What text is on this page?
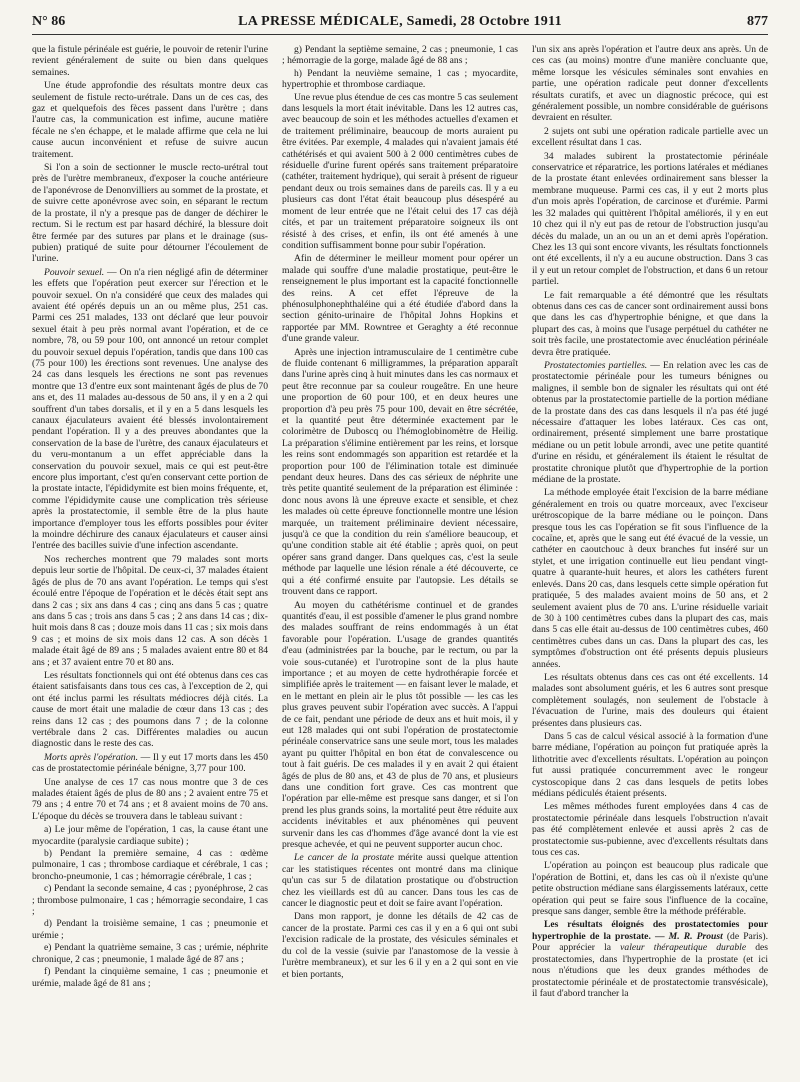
N° 86	LA PRESSE MÉDICALE, Samedi, 28 Octobre 1911	877

que la fistule périnéale est guérie, le pouvoir de retenir l'urine revient généralement de suite ou bien dans quelques semaines.

Une étude approfondie des résultats montre deux cas seulement de fistule recto-urétrale. Dans un de ces cas, des gaz et quelquefois des fèces passent dans l'urètre ; dans l'autre cas, la communication est infime, aucune matière fécale ne s'en échappe, et le malade affirme que cela ne lui cause aucun inconvénient et refuse de suivre aucun traitement.

Si l'on a soin de sectionner le muscle recto-urétral tout près de l'urètre membraneux, d'exposer la couche antérieure de l'aponévrose de Denonvilliers au sommet de la prostate, et de suivre cette aponévrose avec soin, en séparant le rectum de la prostate, il n'y a presque pas de danger de déchirer le rectum. Si le rectum est par hasard déchiré, la blessure doit être fermée par des sutures par plans et le drainage (sus-pubien) pratiqué de suite pour détourner l'écoulement de l'urine.

Pouvoir sexuel. — On n'a rien négligé afin de déterminer les effets que l'opération peut exercer sur l'érection et le pouvoir sexuel. On n'a considéré que ceux des malades qui avaient été opérés depuis un an ou même plus, 251 cas. Parmi ces 251 malades, 133 ont déclaré que leur pouvoir sexuel était à peu près normal avant l'opération, et de ce nombre, 78, ou 59 pour 100, ont annoncé un retour complet du pouvoir sexuel depuis l'opération, tandis que dans 100 cas (75 pour 100) les érections sont revenues. Une analyse des 24 cas dans lesquels les érections ne sont pas revenues montre que 13 d'entre eux sont maintenant âgés de plus de 70 ans et, des 11 malades au-dessous de 50 ans, il y en a 2 qui souffrent d'un tabes dorsalis, et il y en a 5 dans lesquels les canaux éjaculateurs avaient été blessés involontairement pendant l'opération. Il y a des preuves abondantes que la conservation de la base de l'urètre, des canaux éjaculateurs et du veru-montanum a un effet appréciable dans la conservation du pouvoir sexuel, mais ce qui est peut-être encore plus important, c'est qu'en conservant cette portion de la prostate intacte, l'épididymite est bien moins fréquente, et, comme l'épididymite cause une complication très sérieuse après la prostatectomie, il semble être de la plus haute importance d'employer tous les efforts possibles pour éviter la moindre déchirure des canaux éjaculateurs et causer ainsi l'entrée des bacilles suivie d'une infection ascendante.

Nos recherches montrent que 79 malades sont morts depuis leur sortie de l'hôpital. De ceux-ci, 37 malades étaient âgés de plus de 70 ans avant l'opération. Le temps qui s'est écoulé entre l'époque de l'opération et le décès était sept ans dans 2 cas ; six ans dans 4 cas ; cinq ans dans 5 cas ; quatre ans dans 5 cas ; trois ans dans 5 cas ; 2 ans dans 14 cas ; dix-huit mois dans 8 cas ; douze mois dans 11 cas ; six mois dans 9 cas ; et moins de six mois dans 12 cas. A son décès 1 malade était âgé de 89 ans ; 5 malades avaient entre 80 et 84 ans ; et 37 avaient entre 70 et 80 ans.

Les résultats fonctionnels qui ont été obtenus dans ces cas étaient satisfaisants dans tous ces cas, à l'exception de 2, qui ont été inclus parmi les résultats médiocres déjà cités. La cause de mort était une maladie de cœur dans 13 cas ; des reins dans 12 cas ; des poumons dans 7 ; de la colonne vertébrale dans 2 cas. Différentes maladies ou aucun diagnostic dans le reste des cas.

Morts après l'opération. — Il y eut 17 morts dans les 450 cas de prostatectomie périnéale bénigne, 3,77 pour 100.

Une analyse de ces 17 cas nous montre que 3 de ces malades étaient âgés de plus de 80 ans ; 2 avaient entre 75 et 79 ans ; 4 entre 70 et 74 ans ; et 8 avaient moins de 70 ans. L'époque du décès se trouvera dans le tableau suivant :

a) Le jour même de l'opération, 1 cas, la cause étant une myocardite (paralysie cardiaque subite) ;
b) Pendant la première semaine, 4 cas : œdème pulmonaire, 1 cas ; thrombose cardiaque et cérébrale, 1 cas ; broncho-pneumonie, 1 cas ; hémorragie cérébrale, 1 cas ;
c) Pendant la seconde semaine, 4 cas ; pyonéphrose, 2 cas ; thrombose pulmonaire, 1 cas ; hémorragie secondaire, 1 cas ;
d) Pendant la troisième semaine, 1 cas ; pneumonie et urémie ;
e) Pendant la quatrième semaine, 3 cas ; urémie, néphrite chronique, 2 cas ; pneumonie, 1 malade âgé de 87 ans ;
f) Pendant la cinquième semaine, 1 cas ; pneumonie et urémie, malade âgé de 81 ans ;
g) Pendant la septième semaine, 2 cas ; pneumonie, 1 cas ; hémorragie de la gorge, malade âgé de 88 ans ;
h) Pendant la neuvième semaine, 1 cas ; myocardite, hypertrophie et thrombose cardiaque.

Une revue plus étendue de ces cas montre 5 cas seulement dans lesquels la mort était inévitable. Dans les 12 autres cas, avec beaucoup de soin et les méthodes actuelles d'examen et de traitement préliminaire, beaucoup de morts auraient pu être évitées. Par exemple, 4 malades qui n'avaient jamais été cathétérisés et qui avaient 500 à 2 000 centimètres cubes de résiduelle d'urine furent opérés sans traitement préparatoire (cathéter, traitement hydrique), qui serait à présent de rigueur pendant deux ou trois semaines dans de pareils cas. Il y a eu plusieurs cas dont l'état était beaucoup plus désespéré au moment de leur entrée que ne l'était celui des 17 cas déjà cités, et par un traitement préparatoire soigneux ils ont résisté à des crises, et enfin, ils ont été amenés à une condition suffisamment bonne pour subir l'opération.

Afin de déterminer le meilleur moment pour opérer un malade qui souffre d'une maladie prostatique, peut-être le renseignement le plus important est la capacité fonctionnelle des reins. A cet effet l'épreuve de la phénosulphonephthaléine qui a été étudiée d'abord dans la section génito-urinaire de l'hôpital Johns Hopkins et rapportée par MM. Rowntree et Geraghty a été reconnue d'une grande valeur.

Après une injection intramusculaire de 1 centimètre cube de fluide contenant 6 milligrammes, la préparation apparaît dans l'urine après cinq à huit minutes dans les cas normaux et peut être reconnue par sa couleur rougeâtre. En une heure une proportion de 60 pour 100, et en deux heures une proportion d'à peu près 75 pour 100, devait en être sécrétée, et la quantité peut être déterminée exactement par le colorimètre de Duboscq ou l'hémoglobinomètre de Heilig. La préparation s'élimine entièrement par les reins, et lorsque les reins sont endommagés son apparition est retardée et la proportion pour 100 de l'élimination totale est diminuée pendant deux heures. Dans des cas sérieux de néphrite une très petite quantité seulement de la préparation est éliminée : donc nous avons là une épreuve exacte et sensible, et chez les malades où cette épreuve fonctionnelle montre une lésion marquée, un traitement préliminaire devient nécessaire, jusqu'à ce que la condition du rein s'améliore beaucoup, et qu'une condition stable ait été établie ; après quoi, on peut opérer sans grand danger. Dans quelques cas, c'est la seule méthode par laquelle une lésion rénale a été découverte, ce qui a été confirmé ensuite par l'autopsie. Les détails se trouvent dans ce rapport.

Au moyen du cathétérisme continuel et de grandes quantités d'eau, il est possible d'amener le plus grand nombre des malades souffrant de reins endommagés à un état favorable pour l'opération. L'usage de grandes quantités d'eau (administrées par la bouche, par le rectum, ou par la voie sous-cutanée) et l'urotropine sont de la plus haute importance ; et au moyen de cette hydrothérapie forcée et simplifiée après le traitement — en faisant lever le malade, et en le mettant en plein air le plus tôt possible — les cas les plus graves peuvent subir l'opération avec succès. A l'appui de ce fait, pendant une période de deux ans et huit mois, il y eut 128 malades qui ont subi l'opération de prostatectomie périnéale conservatrice sans une seule mort, tous les malades ayant pu quitter l'hôpital en bon état de convalescence ou tout à fait guéris. De ces malades il y en avait 2 qui étaient âgés de plus de 80 ans, et 43 de plus de 70 ans, et plusieurs dans une condition fort grave. Ces cas montrent que l'opération par elle-même est presque sans danger, et si l'on prend les plus grands soins, la mortalité peut être réduite aux accidents inévitables et aux phénomènes qui peuvent survenir dans les cas d'hommes d'âge avancé dont la vie est presque achevée, et qui ne peuvent supporter aucun choc.

Le cancer de la prostate mérite aussi quelque attention car les statistiques récentes ont montré dans ma clinique qu'un cas sur 5 de dilatation prostatique ou d'obstruction chez les vieillards est dû au cancer. Dans tous les cas de cancer le diagnostic peut et doit se faire avant l'opération.

Dans mon rapport, je donne les détails de 42 cas de cancer de la prostate. Parmi ces cas il y en a 6 qui ont subi l'excision radicale de la prostate, des vésicules séminales et du col de la vessie (suivie par l'anastomose de la vessie à l'urètre membraneux), et sur les 6 il y en a 2 qui sont en vie et bien portants,

l'un six ans après l'opération et l'autre deux ans après. Un de ces cas (au moins) montre d'une manière concluante que, même lorsque les vésicules séminales sont envahies en partie, une opération radicale peut donner d'excellents résultats curatifs, et avec un diagnostic précoce, qui est généralement possible, un nombre considérable de guérisons devraient en résulter.

2 sujets ont subi une opération radicale partielle avec un excellent résultat dans 1 cas.

34 malades subirent la prostatectomie périnéale conservatrice et réparatrice, les portions latérales et médianes de la prostate étant enlevées ordinairement sans blesser la membrane muqueuse. Parmi ces cas, il y eut 2 morts plus d'un mois après l'opération, de carcinose et d'urémie. Parmi les 32 malades qui quittèrent l'hôpital améliorés, il y en eut 10 chez qui il n'y eut pas de retour de l'obstruction jusqu'au décès du malade, un an ou un an et demi après l'opération. Chez les 13 qui sont encore vivants, les résultats fonctionnels ont été excellents, il n'y a eu aucune obstruction. Dans 3 cas il y eut un retour complet de l'obstruction, et dans 6 un retour partiel.

Le fait remarquable a été démontré que les résultats obtenus dans ces cas de cancer sont ordinairement aussi bons que dans les cas d'hypertrophie bénigne, et que dans la plupart des cas, à moins que l'usage perpétuel du cathéter ne soit très facile, une prostatectomie avec énucléation périnéale devra être pratiquée.

Prostatectomies partielles. — En relation avec les cas de prostatectomie périnéale pour les tumeurs bénignes ou malignes, il semble bon de signaler les résultats qui ont été obtenus par la prostatectomie partielle de la portion médiane de la prostate dans des cas dans lesquels il n'a pas été jugé nécessaire d'attaquer les lobes latéraux. Ces cas ont, ordinairement, présenté simplement une barre prostatique médiane ou un petit lobule arrondi, avec une petite quantité d'urine en résidu, et généralement ils étaient le résultat de prostatite chronique plutôt que d'hypertrophie de la portion médiane de la prostate.

La méthode employée était l'excision de la barre médiane généralement en trois ou quatre morceaux, avec l'exciseur urétroscopique de la barre médiane ou le poinçon. Dans presque tous les cas l'opération se fit sous l'influence de la cocaïne, et, après que le sang eut été évacué de la vessie, un cathéter en caoutchouc à deux branches fut inséré sur un stylet, et une irrigation continuelle eut lieu pendant vingt-quatre à quarante-huit heures, et alors les cathéters furent enlevés. Dans 20 cas, dans lesquels cette simple opération fut pratiquée, 5 des malades avaient moins de 50 ans, et 2 seulement avaient plus de 70 ans. L'urine résiduelle variait de 30 à 100 centimètres cubes dans la plupart des cas, mais dans 5 cas elle était au-dessus de 100 centimètres cubes, 460 centimètres cubes dans un cas. Dans la plupart des cas, les symptômes d'obstruction ont été présents depuis plusieurs années.

Les résultats obtenus dans ces cas ont été excellents. 14 malades sont absolument guéris, et les 6 autres sont presque complètement soulagés, non seulement de l'obstacle à l'évacuation de l'urine, mais des douleurs qui étaient présentes dans plusieurs cas.

Dans 5 cas de calcul vésical associé à la formation d'une barre médiane, l'opération au poinçon fut pratiquée après la lithotritie avec d'excellents résultats. L'opération au poinçon fut aussi pratiquée concurremment avec le rongeur cystoscopique dans 2 cas dans lesquels de petits lobes médians pédiculés étaient présents.

Les mêmes méthodes furent employées dans 4 cas de prostatectomie périnéale dans lesquels l'obstruction n'avait pas été complètement enlevée et aussi après 2 cas de prostatectomie sus-pubienne, avec d'excellents résultats dans tous ces cas.

L'opération au poinçon est beaucoup plus radicale que l'opération de Bottini, et, dans les cas où il n'existe qu'une petite obstruction médiane sans élargissements latéraux, cette opération qui peut se faire sous l'influence de la cocaïne, presque sans danger, semble être la méthode préférable.

Les résultats éloignés des prostatectomies pour hypertrophie de la prostate. — M. R. Proust (de Paris). Pour apprécier la valeur thérapeutique durable des prostatectomies, dans l'hypertrophie de la prostate (et ici nous n'étudions que les deux grandes méthodes de prostatectomie périnéale et de prostatectomie transvésicale), il faut d'abord trancher la
